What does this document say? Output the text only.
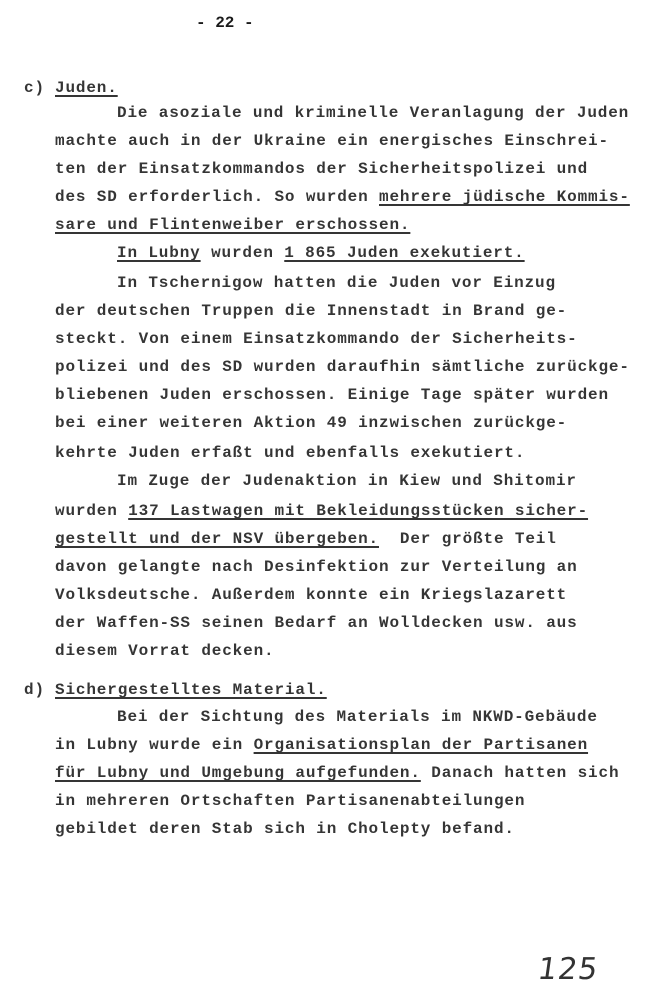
- 22 -
c) Juden.
Die asoziale und kriminelle Veranlagung der Juden
machte auch in der Ukraine ein energisches Einschrei-
ten der Einsatzkommandos der Sicherheitspolizei und
des SD erforderlich. So wurden mehrere jüdische Kommis-
sare und Flintenweiber erschossen.
In Lubny wurden 1 865 Juden exekutiert.
In Tschernigow hatten die Juden vor Einzug
der deutschen Truppen die Innenstadt in Brand ge-
steckt. Von einem Einsatzkommando der Sicherheits-
polizei und des SD wurden daraufhin sämtliche zurückge-
bliebenen Juden erschossen. Einige Tage später wurden
bei einer weiteren Aktion 49 inzwischen zurückge-
kehrte Juden erfaßt und ebenfalls exekutiert.
Im Zuge der Judenaktion in Kiew und Shitomir
wurden 137 Lastwagen mit Bekleidungsstücken sicher-
gestellt und der NSV übergeben.  Der größte Teil
davon gelangte nach Desinfektion zur Verteilung an
Volksdeutsche. Außerdem konnte ein Kriegslazarett
der Waffen-SS seinen Bedarf an Wolldecken usw. aus
diesem Vorrat decken.
d) Sichergestelltes Material.
Bei der Sichtung des Materials im NKWD-Gebäude
in Lubny wurde ein Organisationsplan der Partisanen
für Lubny und Umgebung aufgefunden. Danach hatten sich
in mehreren Ortschaften Partisanenabteilungen
gebildet deren Stab sich in Cholepty befand.
125
